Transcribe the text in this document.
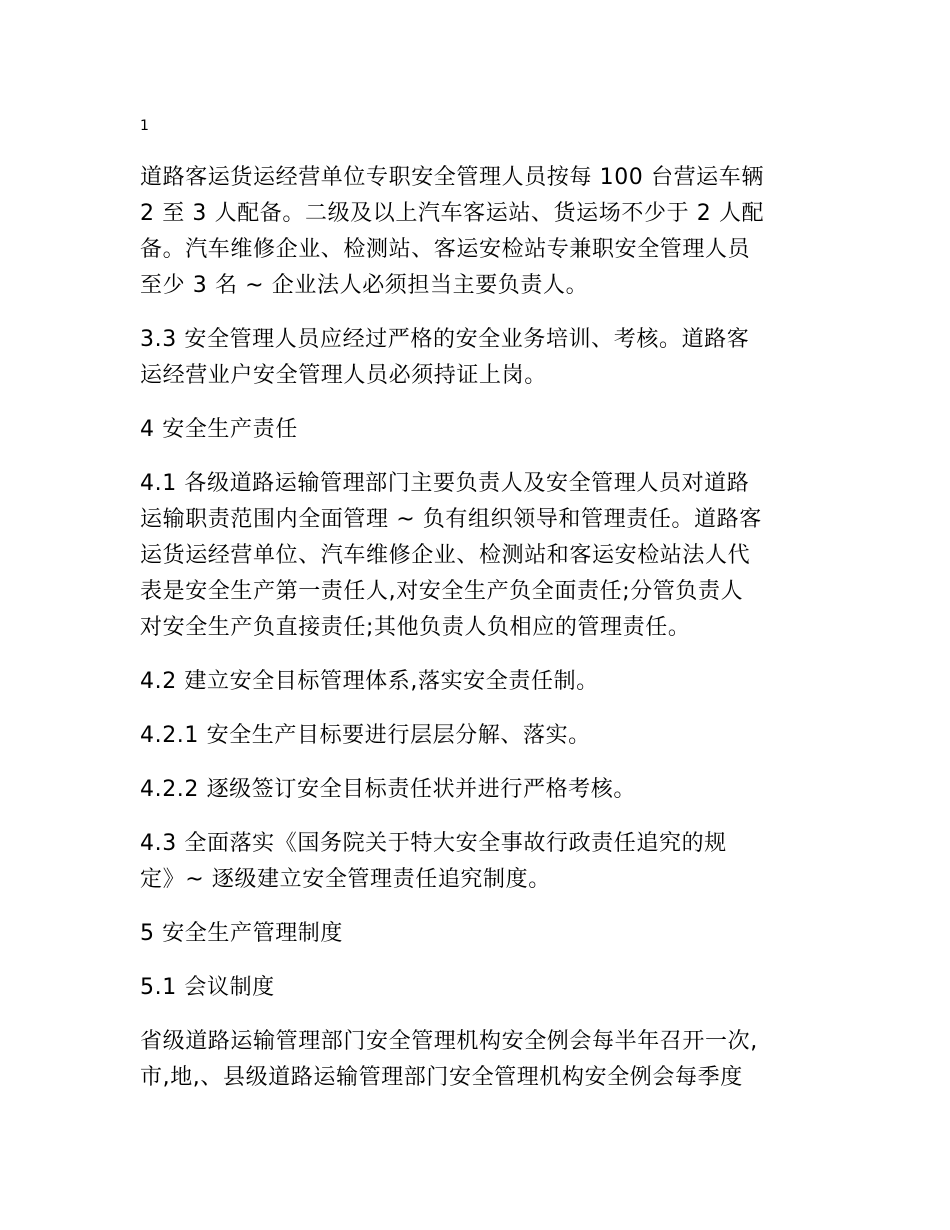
1

道路客运货运经营单位专职安全管理人员按每 100 台营运车辆
2 至 3 人配备。二级及以上汽车客运站、货运场不少于 2 人配
备。汽车维修企业、检测站、客运安检站专兼职安全管理人员
至少 3 名 ~ 企业法人必须担当主要负责人。

3.3 安全管理人员应经过严格的安全业务培训、考核。道路客
运经营业户安全管理人员必须持证上岗。

4 安全生产责任

4.1 各级道路运输管理部门主要负责人及安全管理人员对道路
运输职责范围内全面管理 ~ 负有组织领导和管理责任。道路客
运货运经营单位、汽车维修企业、检测站和客运安检站法人代
表是安全生产第一责任人,对安全生产负全面责任;分管负责人
对安全生产负直接责任;其他负责人负相应的管理责任。

4.2 建立安全目标管理体系,落实安全责任制。

4.2.1 安全生产目标要进行层层分解、落实。

4.2.2 逐级签订安全目标责任状并进行严格考核。

4.3 全面落实《国务院关于特大安全事故行政责任追究的规
定》~ 逐级建立安全管理责任追究制度。

5 安全生产管理制度

5.1 会议制度

省级道路运输管理部门安全管理机构安全例会每半年召开一次,
市,地,、县级道路运输管理部门安全管理机构安全例会每季度
